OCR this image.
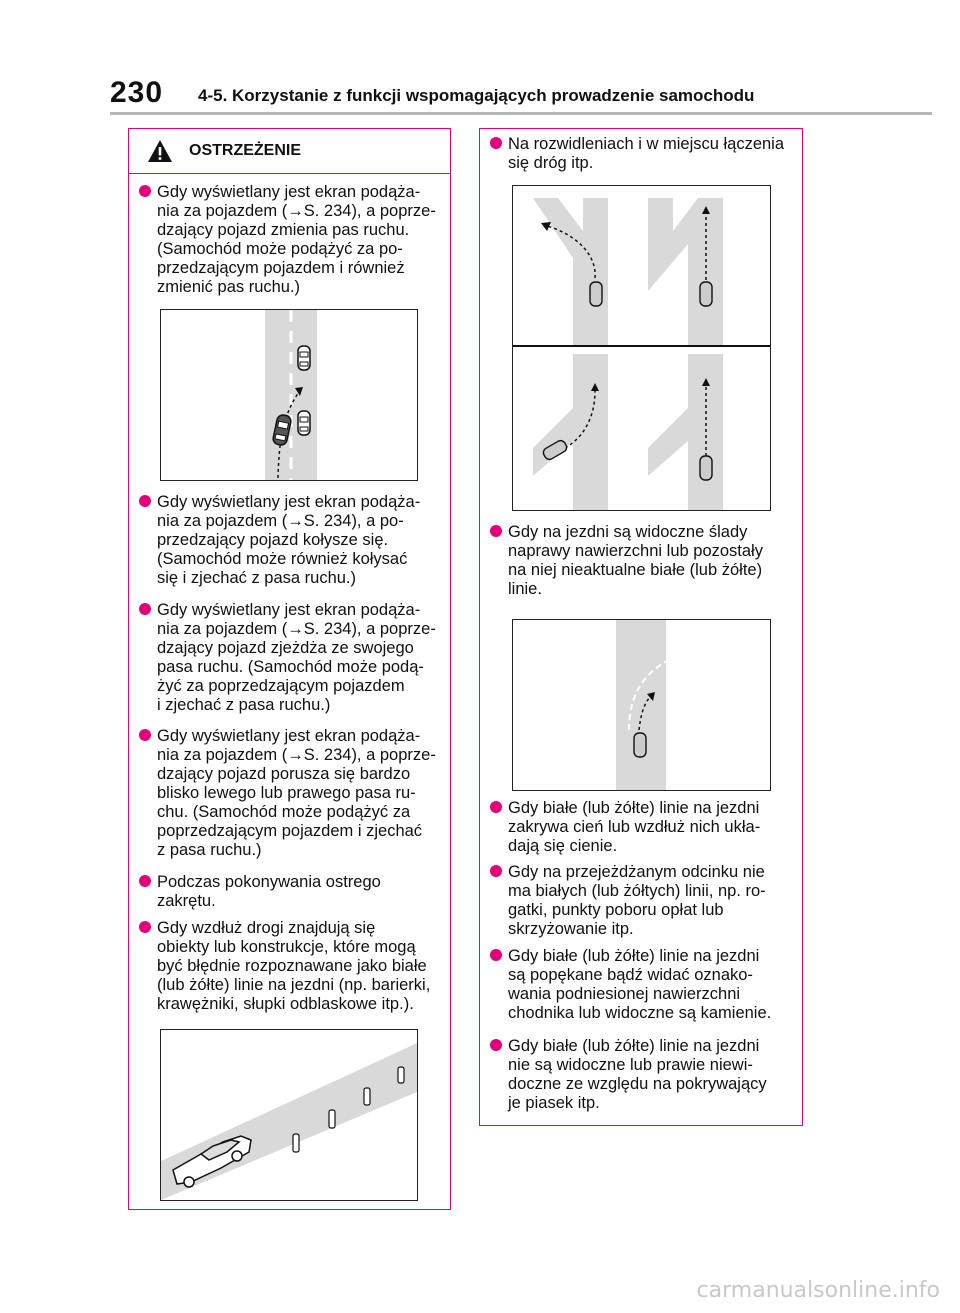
230 4-5. Korzystanie z funkcji wspomagających prowadzenie samochodu
OSTRZEŻENIE
Gdy wyświetlany jest ekran podąża-
nia za pojazdem (→S. 234), a poprze-
dzający pojazd zmienia pas ruchu.
(Samochód może podążyć za po-
przedzającym pojazdem i również
zmienić pas ruchu.)
Gdy wyświetlany jest ekran podąża-
nia za pojazdem (→S. 234), a po-
przedzający pojazd kołysze się.
(Samochód może również kołysać
się i zjechać z pasa ruchu.)
Gdy wyświetlany jest ekran podąża-
nia za pojazdem (→S. 234), a poprze-
dzający pojazd zjeżdża ze swojego
pasa ruchu. (Samochód może podą-
żyć za poprzedzającym pojazdem
i zjechać z pasa ruchu.)
Gdy wyświetlany jest ekran podąża-
nia za pojazdem (→S. 234), a poprze-
dzający pojazd porusza się bardzo
blisko lewego lub prawego pasa ru-
chu. (Samochód może podążyć za
poprzedzającym pojazdem i zjechać
z pasa ruchu.)
Podczas pokonywania ostrego
zakrętu.
Gdy wzdłuż drogi znajdują się
obiekty lub konstrukcje, które mogą
być błędnie rozpoznawane jako białe
(lub żółte) linie na jezdni (np. barierki,
krawężniki, słupki odblaskowe itp.).
Na rozwidleniach i w miejscu łączenia
się dróg itp.
Gdy na jezdni są widoczne ślady
naprawy nawierzchni lub pozostały
na niej nieaktualne białe (lub żółte)
linie.
Gdy białe (lub żółte) linie na jezdni
zakrywa cień lub wzdłuż nich ukła-
dają się cienie.
Gdy na przejeżdżanym odcinku nie
ma białych (lub żółtych) linii, np. ro-
gatki, punkty poboru opłat lub
skrzyżowanie itp.
Gdy białe (lub żółte) linie na jezdni
są popękane bądź widać oznako-
wania podniesionej nawierzchni
chodnika lub widoczne są kamienie.
Gdy białe (lub żółte) linie na jezdni
nie są widoczne lub prawie niewi-
doczne ze względu na pokrywający
je piasek itp.
carmanualsonline.info
